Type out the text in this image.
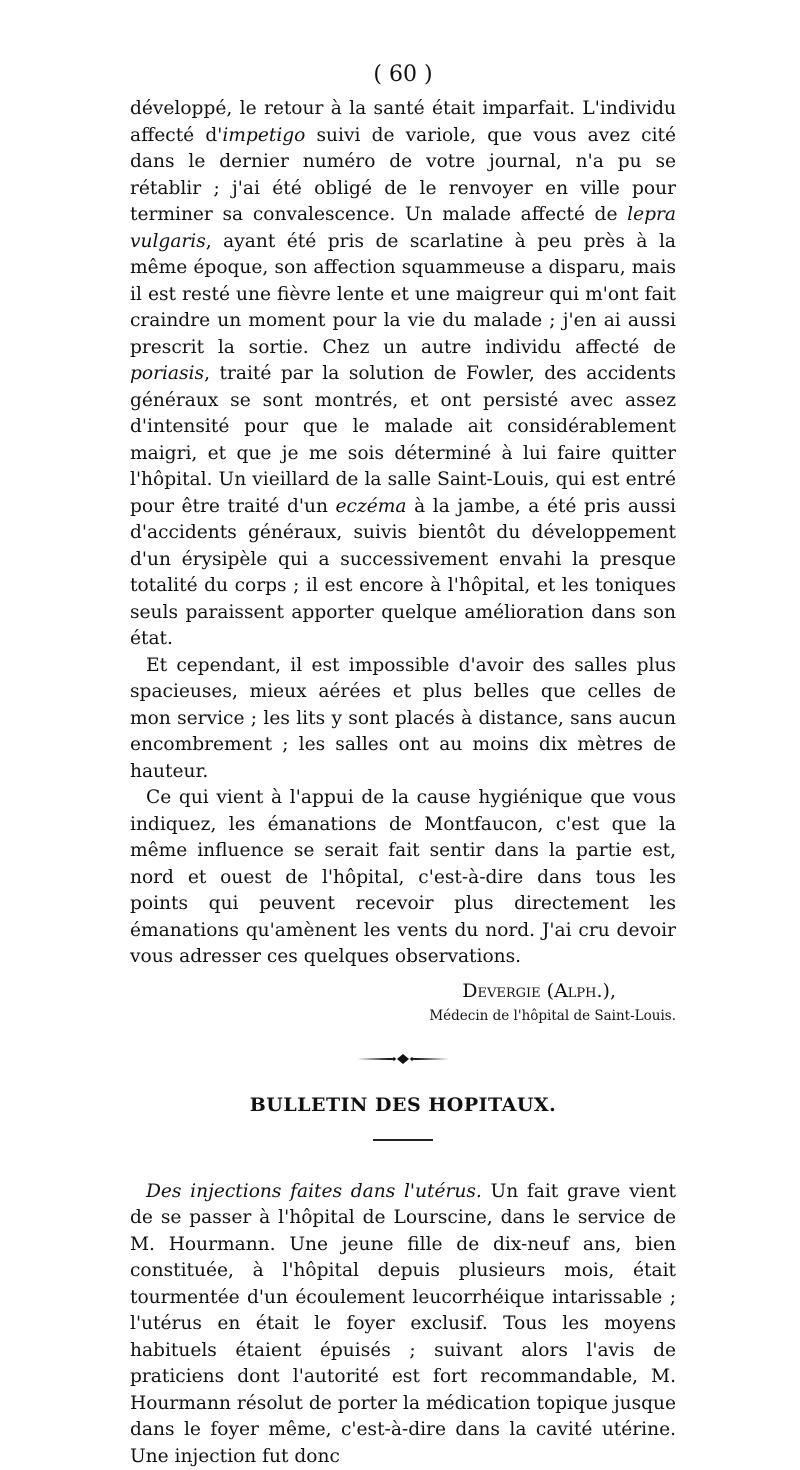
( 60 )

développé, le retour à la santé était imparfait. L'individu affecté d'impetigo suivi de variole, que vous avez cité dans le dernier numéro de votre journal, n'a pu se rétablir ; j'ai été obligé de le renvoyer en ville pour terminer sa convalescence. Un malade affecté de lepra vulgaris, ayant été pris de scarlatine à peu près à la même époque, son affection squammeuse a disparu, mais il est resté une fièvre lente et une maigreur qui m'ont fait craindre un moment pour la vie du malade ; j'en ai aussi prescrit la sortie. Chez un autre individu affecté de poriasis, traité par la solution de Fowler, des accidents généraux se sont montrés, et ont persisté avec assez d'intensité pour que le malade ait considérablement maigri, et que je me sois déterminé à lui faire quitter l'hôpital. Un vieillard de la salle Saint-Louis, qui est entré pour être traité d'un eczéma à la jambe, a été pris aussi d'accidents généraux, suivis bientôt du développement d'un érysipèle qui a successivement envahi la presque totalité du corps ; il est encore à l'hôpital, et les toniques seuls paraissent apporter quelque amélioration dans son état.

Et cependant, il est impossible d'avoir des salles plus spacieuses, mieux aérées et plus belles que celles de mon service ; les lits y sont placés à distance, sans aucun encombrement ; les salles ont au moins dix mètres de hauteur.

Ce qui vient à l'appui de la cause hygiénique que vous indiquez, les émanations de Montfaucon, c'est que la même influence se serait fait sentir dans la partie est, nord et ouest de l'hôpital, c'est-à-dire dans tous les points qui peuvent recevoir plus directement les émanations qu'amènent les vents du nord. J'ai cru devoir vous adresser ces quelques observations.

Devergie (Alph.),
Médecin de l'hôpital de Saint-Louis.
BULLETIN DES HOPITAUX.

Des injections faites dans l'utérus. Un fait grave vient de se passer à l'hôpital de Lourscine, dans le service de M. Hourmann. Une jeune fille de dix-neuf ans, bien constituée, à l'hôpital depuis plusieurs mois, était tourmentée d'un écoulement leucorrhéique intarissable ; l'utérus en était le foyer exclusif. Tous les moyens habituels étaient épuisés ; suivant alors l'avis de praticiens dont l'autorité est fort recommandable, M. Hourmann résolut de porter la médication topique jusque dans le foyer même, c'est-à-dire dans la cavité utérine. Une injection fut donc
